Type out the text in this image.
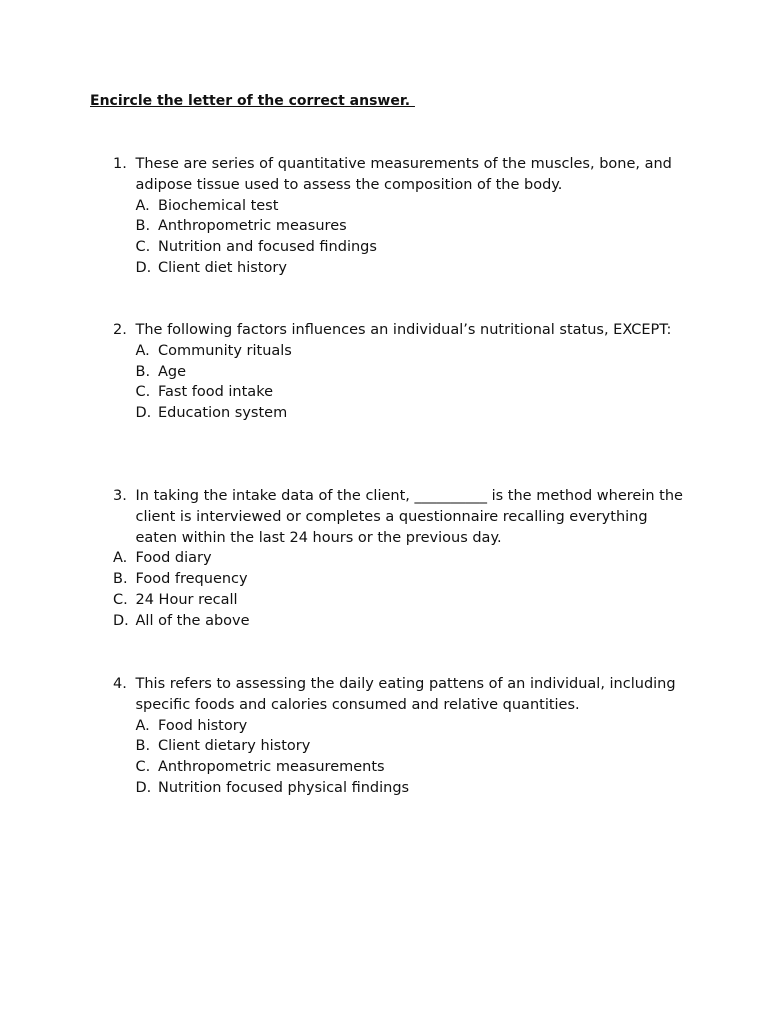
Encircle the letter of the correct answer.
1. These are series of quantitative measurements of the muscles, bone, and adipose tissue used to assess the composition of the body.
A. Biochemical test
B. Anthropometric measures
C. Nutrition and focused findings
D. Client diet history
2. The following factors influences an individual’s nutritional status, EXCEPT:
A. Community rituals
B. Age
C. Fast food intake
D. Education system
3. In taking the intake data of the client, __________ is the method wherein the client is interviewed or completes a questionnaire recalling everything eaten within the last 24 hours or the previous day.
A. Food diary
B. Food frequency
C. 24 Hour recall
D. All of the above
4. This refers to assessing the daily eating pattens of an individual, including specific foods and calories consumed and relative quantities.
A. Food history
B. Client dietary history
C. Anthropometric measurements
D. Nutrition focused physical findings
